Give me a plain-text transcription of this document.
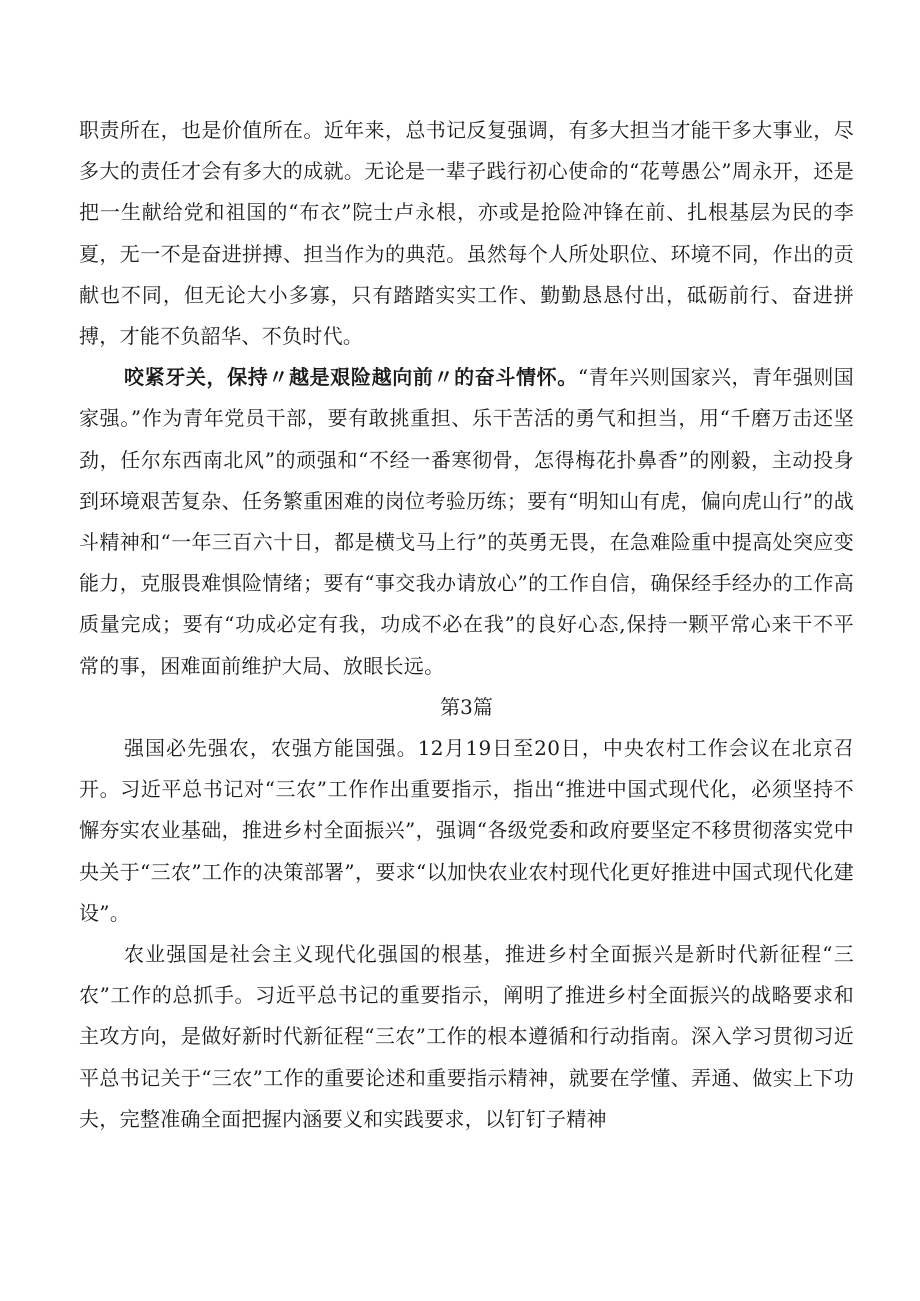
职责所在，也是价值所在。近年来，总书记反复强调，有多大担当才能干多大事业，尽多大的责任才会有多大的成就。无论是一辈子践行初心使命的“花萼愚公”周永开，还是把一生献给党和祖国的“布衣”院士卢永根，亦或是抢险冲锋在前、扎根基层为民的李夏，无一不是奋进拼搏、担当作为的典范。虽然每个人所处职位、环境不同，作出的贡献也不同，但无论大小多寡，只有踏踏实实工作、勤勤恳恳付出，砥砺前行、奋进拼搏，才能不负韶华、不负时代。

咬紧牙关，保持〃越是艰险越向前〃的奋斗情怀。“青年兴则国家兴，青年强则国家强。”作为青年党员干部，要有敢挑重担、乐干苦活的勇气和担当，用“千磨万击还坚劲，任尔东西南北风”的顽强和“不经一番寒彻骨，怎得梅花扑鼻香”的刚毅，主动投身到环境艰苦复杂、任务繁重困难的岗位考验历练；要有“明知山有虎，偏向虎山行”的战斗精神和“一年三百六十日，都是横戈马上行”的英勇无畏，在急难险重中提高处突应变能力，克服畏难惧险情绪；要有“事交我办请放心”的工作自信，确保经手经办的工作高质量完成；要有“功成必定有我，功成不必在我”的良好心态,保持一颗平常心来干不平常的事，困难面前维护大局、放眼长远。

第3篇

强国必先强农，农强方能国强。12月19日至20日，中央农村工作会议在北京召开。习近平总书记对“三农”工作作出重要指示，指出“推进中国式现代化，必须坚持不懈夯实农业基础，推进乡村全面振兴”，强调“各级党委和政府要坚定不移贯彻落实党中央关于“三农”工作的决策部署”，要求“以加快农业农村现代化更好推进中国式现代化建设”。

农业强国是社会主义现代化强国的根基，推进乡村全面振兴是新时代新征程“三农”工作的总抓手。习近平总书记的重要指示，阐明了推进乡村全面振兴的战略要求和主攻方向，是做好新时代新征程“三农”工作的根本遵循和行动指南。深入学习贯彻习近平总书记关于“三农”工作的重要论述和重要指示精神，就要在学懂、弄通、做实上下功夫，完整准确全面把握内涵要义和实践要求，以钉钉子精神
